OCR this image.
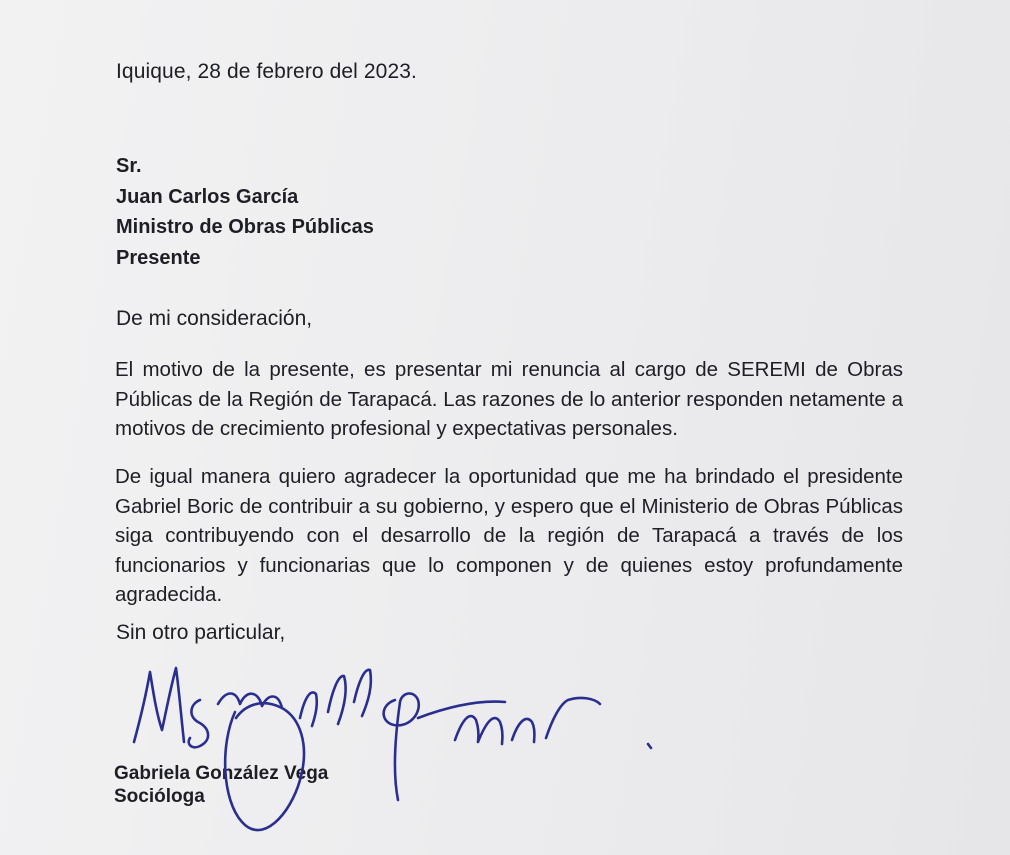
Iquique, 28 de febrero del 2023.
Sr.
Juan Carlos García
Ministro de Obras Públicas
Presente
De mi consideración,

El motivo de la presente, es presentar mi renuncia al cargo de SEREMI de Obras Públicas de la Región de Tarapacá. Las razones de lo anterior responden netamente a motivos de crecimiento profesional y expectativas personales.

De igual manera quiero agradecer la oportunidad que me ha brindado el presidente Gabriel Boric de contribuir a su gobierno, y espero que el Ministerio de Obras Públicas siga contribuyendo con el desarrollo de la región de Tarapacá a través de los funcionarios y funcionarias que lo componen y de quienes estoy profundamente agradecida.

Sin otro particular,
Gabriela González Vega
Socióloga
